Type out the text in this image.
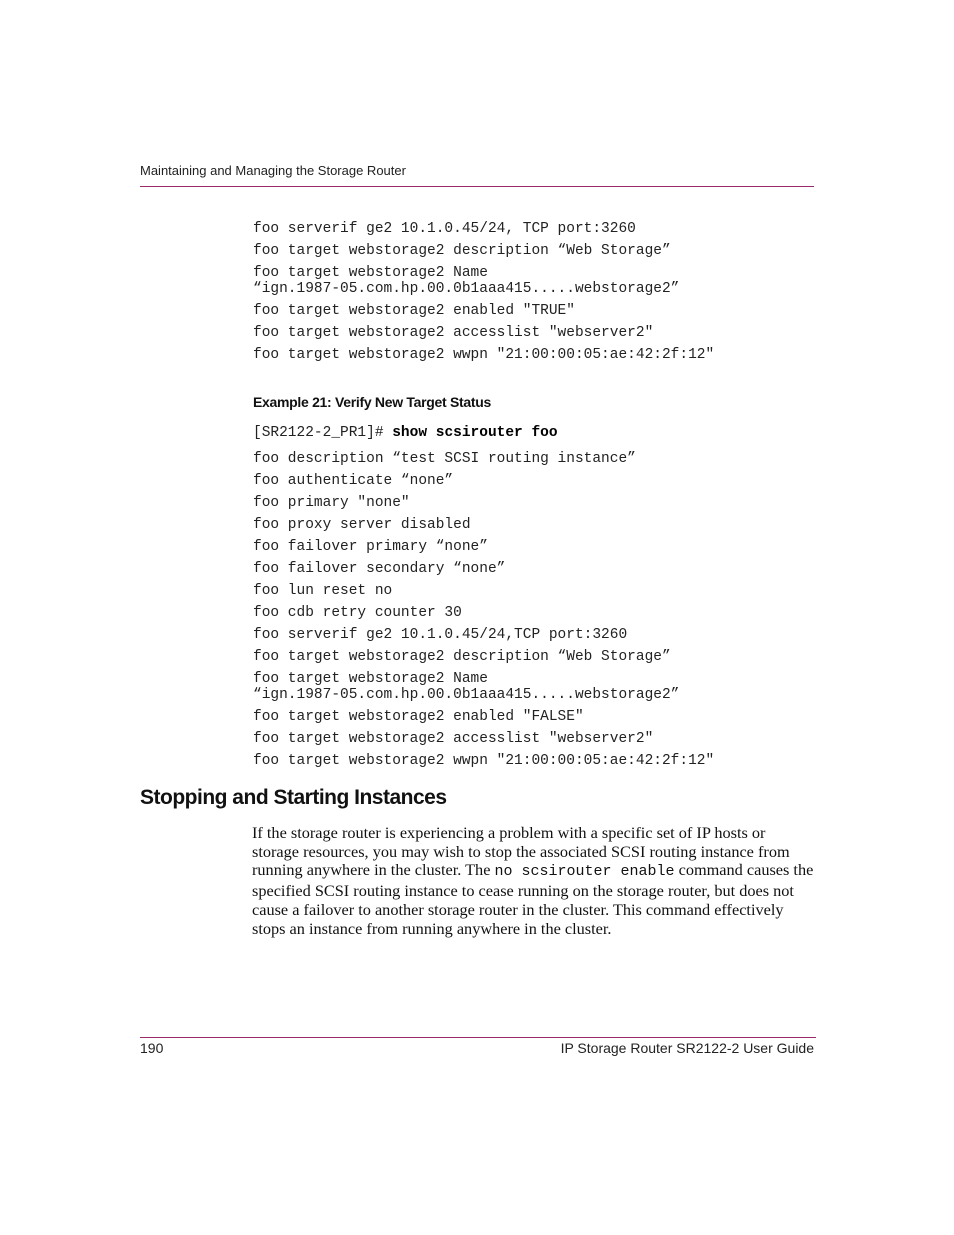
Maintaining and Managing the Storage Router
foo serverif ge2 10.1.0.45/24, TCP port:3260
foo target webstorage2 description “Web Storage”
foo target webstorage2 Name
“ign.1987-05.com.hp.00.0b1aaa415.....webstorage2”
foo target webstorage2 enabled "TRUE"
foo target webstorage2 accesslist "webserver2"
foo target webstorage2 wwpn "21:00:00:05:ae:42:2f:12"
Example 21: Verify New Target Status
[SR2122-2_PR1]# show scsirouter foo
foo description “test SCSI routing instance”
foo authenticate “none”
foo primary "none"
foo proxy server disabled
foo failover primary “none”
foo failover secondary “none”
foo lun reset no
foo cdb retry counter 30
foo serverif ge2 10.1.0.45/24,TCP port:3260
foo target webstorage2 description “Web Storage”
foo target webstorage2 Name
“ign.1987-05.com.hp.00.0b1aaa415.....webstorage2”
foo target webstorage2 enabled "FALSE"
foo target webstorage2 accesslist "webserver2"
foo target webstorage2 wwpn "21:00:00:05:ae:42:2f:12"
Stopping and Starting Instances

If the storage router is experiencing a problem with a specific set of IP hosts or storage resources, you may wish to stop the associated SCSI routing instance from running anywhere in the cluster. The no scsirouter enable command causes the specified SCSI routing instance to cease running on the storage router, but does not cause a failover to another storage router in the cluster. This command effectively stops an instance from running anywhere in the cluster.

190	IP Storage Router SR2122-2 User Guide
